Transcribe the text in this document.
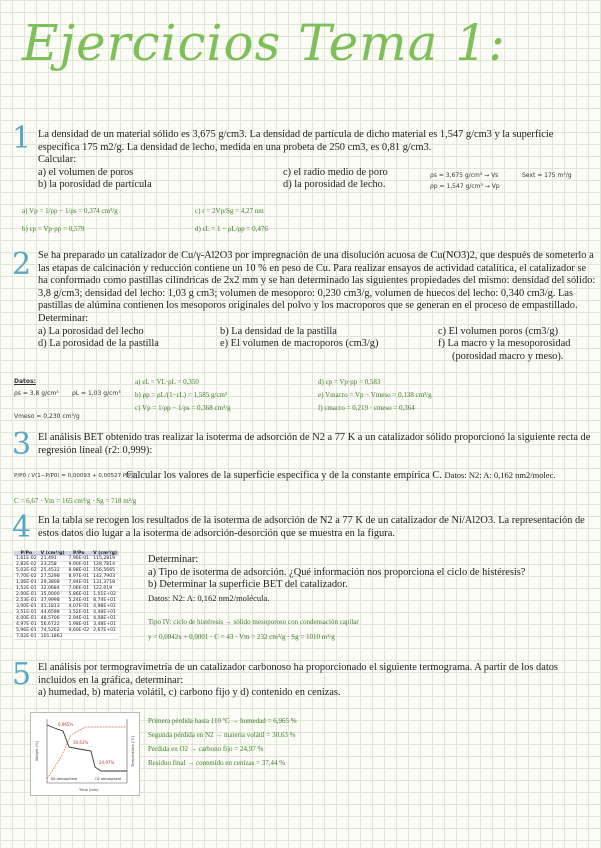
Ejercicios Tema 1:
1 La densidad de un material sólido es 3,675 g/cm3. La densidad de partícula de dicho material es 1,547 g/cm3 y la superficie específica 175 m2/g. La densidad de lecho, medida en una probeta de 250 cm3, es 0,81 g/cm3.

Calcular:

a) el volumen de poros	c) el radio medio de poro
b) la porosidad de partícula	d) la porosidad de lecho.
ρs = 3,675 g/cm³ → Vs
ρp = 1,547 g/cm³ → Vp
Sext = 175 m²/g
a) Vp = 1/ρp − 1/ρs = 0,374 cm³/g	c) r = 2Vp/Sg = 4,27 nm
b) εp = Vp·ρp = 0,579	d) εL = 1 − ρL/ρp = 0,476
2 Se ha preparado un catalizador de Cu/γ-Al2O3 por impregnación de una disolución acuosa de Cu(NO3)2, que después de someterlo a las etapas de calcinación y reducción contiene un 10 % en peso de Cu. Para realizar ensayos de actividad catalítica, el catalizador se ha conformado como pastillas cilíndricas de 2x2 mm y se han determinado las siguientes propiedades del mismo: densidad del sólido: 3,8 g/cm3; densidad del lecho: 1,03 g cm3; volumen de mesoporo: 0,230 cm3/g, volumen de huecos del lecho: 0,340 cm3/g. Las pastillas de alúmina contienen los mesoporos originales del polvo y los macroporos que se generan en el proceso de empastillado. Determinar:

a) La porosidad del lecho	b) La densidad de la pastilla	c) El volumen poros (cm3/g)
d) La porosidad de la pastilla	e) El volumen de macroporos (cm3/g)	f) La macro y la mesoporosidad
(porosidad macro y meso).
Datos:
ρs = 3,8 g/cm³ ρL = 1,03 g/cm³
Vmeso = 0,230 cm³/g
a) εL = VL·ρL = 0,350
b) ρp = ρL/(1−εL) = 1,585 g/cm³
c) Vp = 1/ρp − 1/ρs = 0,368 cm³/g
d) εp = Vp·ρp = 0,583
e) Vmacro = Vp − Vmeso = 0,138 cm³/g
f) εmacro = 0,219 · εmeso = 0,364
3 El análisis BET obtenido tras realizar la isoterma de adsorción de N2 a 77 K a un catalizador sólido proporcionó la siguiente recta de regresión lineal (r2: 0,999):
P/P0 / V(1−P/P0) = 0,00093 + 0,00527 P/P0
Calcular los valores de la superficie específica y de la constante empírica C. Datos: N2: A: 0,162 nm2/molec.
C = 6,67 · Vm = 165 cm³/g · Sg = 718 m²/g
4 En la tabla se recogen los resultados de la isoterma de adsorción de N2 a 77 K de un catalizador de Ni/Al2O3. La representación de estos datos dio lugar a la isoterma de adsorción-desorción que se muestra en la figura.
P/Po	V (cm³/g)	P/Po	V (cm³/g)
1,61E-02	21,491	7,96E-01	115,2819
2,82E-02	23,258	9,00E-01	128,7814
5,02E-02	25,4532	8,98E-01	156,5665
7,70E-02	27,5298	8,97E-01	142,7903
1,06E-01	29,3808	7,94E-01	131,3718
1,52E-01	32,0684	7,06E-01	122,019
2,00E-01	35,0000	5,86E-01	1,01E+02
2,53E-01	37,9998	5,24E-01	8,74E+01
3,00E-01	41,1813	4,07E-01	4,98E+01
3,51E-01	44,6598	3,52E-01	4,48E+01
4,00E-01	48,5706	2,94E-01	4,08E+01
4,97E-01	56,6722	1,98E-01	3,48E+01
5,96E-01	74,5262	9,60E-02	2,67E+01
7,02E-01	101,1861		

Determinar:

a) Tipo de isoterma de adsorción. ¿Qué información nos proporciona el ciclo de histéresis?

b) Determinar la superficie BET del catalizador.

Datos: N2: A: 0,162 nm2/molécula.

Tipo IV: ciclo de histéresis → sólido mesoporoso con condensación capilar
y = 0,0042x + 0,0001 · C = 43 · Vm = 232 cm³/g · Sg = 1010 m²/g
5 El análisis por termogravimetría de un catalizador carbonoso ha proporcionado el siguiente termograma. A partir de los datos incluidos en la gráfica, determinar:

a) humedad, b) materia volátil, c) carbono fijo y d) contenido en cenizas.

6,965%
30,63%
24,97%
N2 atmosphere	O2 atmosphere
Time (min)
Weight (%)	Temperature (°C)
Primera pérdida hasta 110 ºC → humedad = 6,965 %
Segunda pérdida en N2 → materia volátil = 30,63 %
Pérdida en O2 → carbono fijo = 24,97 %
Residuo final → contenido en cenizas = 37,44 %
